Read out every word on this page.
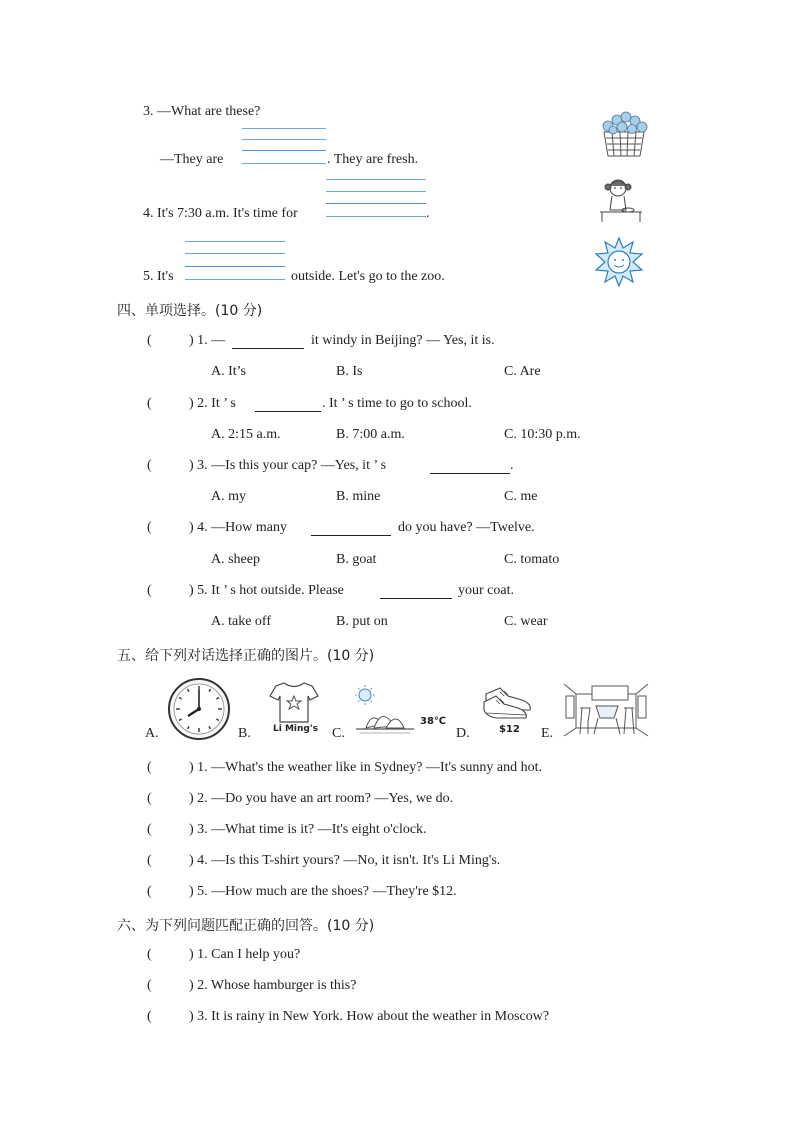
3. —What are these?
—They are	. They are fresh.
4. It's 7:30 a.m. It's time for	.
5. It's	outside. Let's go to the zoo.
四、单项选择。(10 分)
(	) 1. —	it windy in Beijing? — Yes, it is.
A. It’s	B. Is	C. Are
(	) 2. It ’ s	. It ’ s time to go to school.
A. 2:15 a.m.	B. 7:00 a.m.	C. 10:30 p.m.
(	) 3. —Is this your cap? —Yes, it ’ s	.
A. my	B. mine	C. me
(	) 4. —How many	do you have? —Twelve.
A. sheep	B. goat	C. tomato
(	) 5. It ’ s hot outside. Please	your coat.
A. take off	B. put on	C. wear
五、给下列对话选择正确的图片。(10 分)
A.	B. Li Ming's C.
38℃
D.	$12 E.
(	) 1. —What's the weather like in Sydney? —It's sunny and hot.
(	) 2. —Do you have an art room? —Yes, we do.
(	) 3. —What time is it? —It's eight o'clock.
(	) 4. —Is this T-shirt yours? —No, it isn't. It's Li Ming's.
(	) 5. —How much are the shoes? —They're $12.
六、为下列问题匹配正确的回答。(10 分)
(	) 1. Can I help you?
(	) 2. Whose hamburger is this?
(	) 3. It is rainy in New York. How about the weather in Moscow?
